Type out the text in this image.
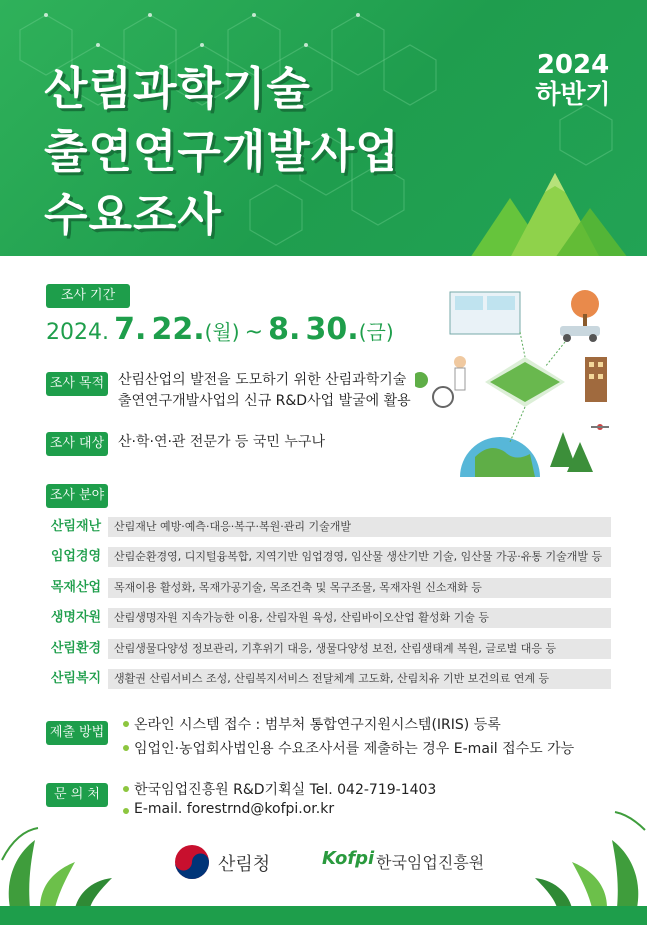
산림과학기술
출연연구개발사업
수요조사
2024
하반기
조사 기간
2024. 7. 22.(월) ~ 8. 30.(금)
조사 목적 산림산업의 발전을 도모하기 위한 산림과학기술
출연연구개발사업의 신규 R&D사업 발굴에 활용
조사 대상 산·학·연·관 전문가 등 국민 누구나
조사 분야
산림재난	산림재난 예방·예측·대응·복구·복원·관리 기술개발
임업경영	산림순환경영, 디지털융복합, 지역기반 임업경영, 임산물 생산기반 기술, 임산물 가공·유통 기술개발 등
목재산업	목재이용 활성화, 목재가공기술, 목조건축 및 목구조물, 목재자원 신소재화 등
생명자원	산림생명자원 지속가능한 이용, 산림자원 육성, 산림바이오산업 활성화 기술 등
산림환경	산림생물다양성 정보관리, 기후위기 대응, 생물다양성 보전, 산림생태계 복원, 글로벌 대응 등
산림복지	생활권 산림서비스 조성, 산림복지서비스 전달체계 고도화, 산림치유 기반 보건의료 연계 등
제출 방법 온라인 시스템 접수 : 범부처 통합연구지원시스템(IRIS) 등록
임업인·농업회사법인용 수요조사서를 제출하는 경우 E-mail 접수도 가능
문 의 처	한국임업진흥원 R&D기획실 Tel. 042-719-1403
E-mail. forestrnd@kofpi.or.kr
산림청	Kofpi 한국임업진흥원
